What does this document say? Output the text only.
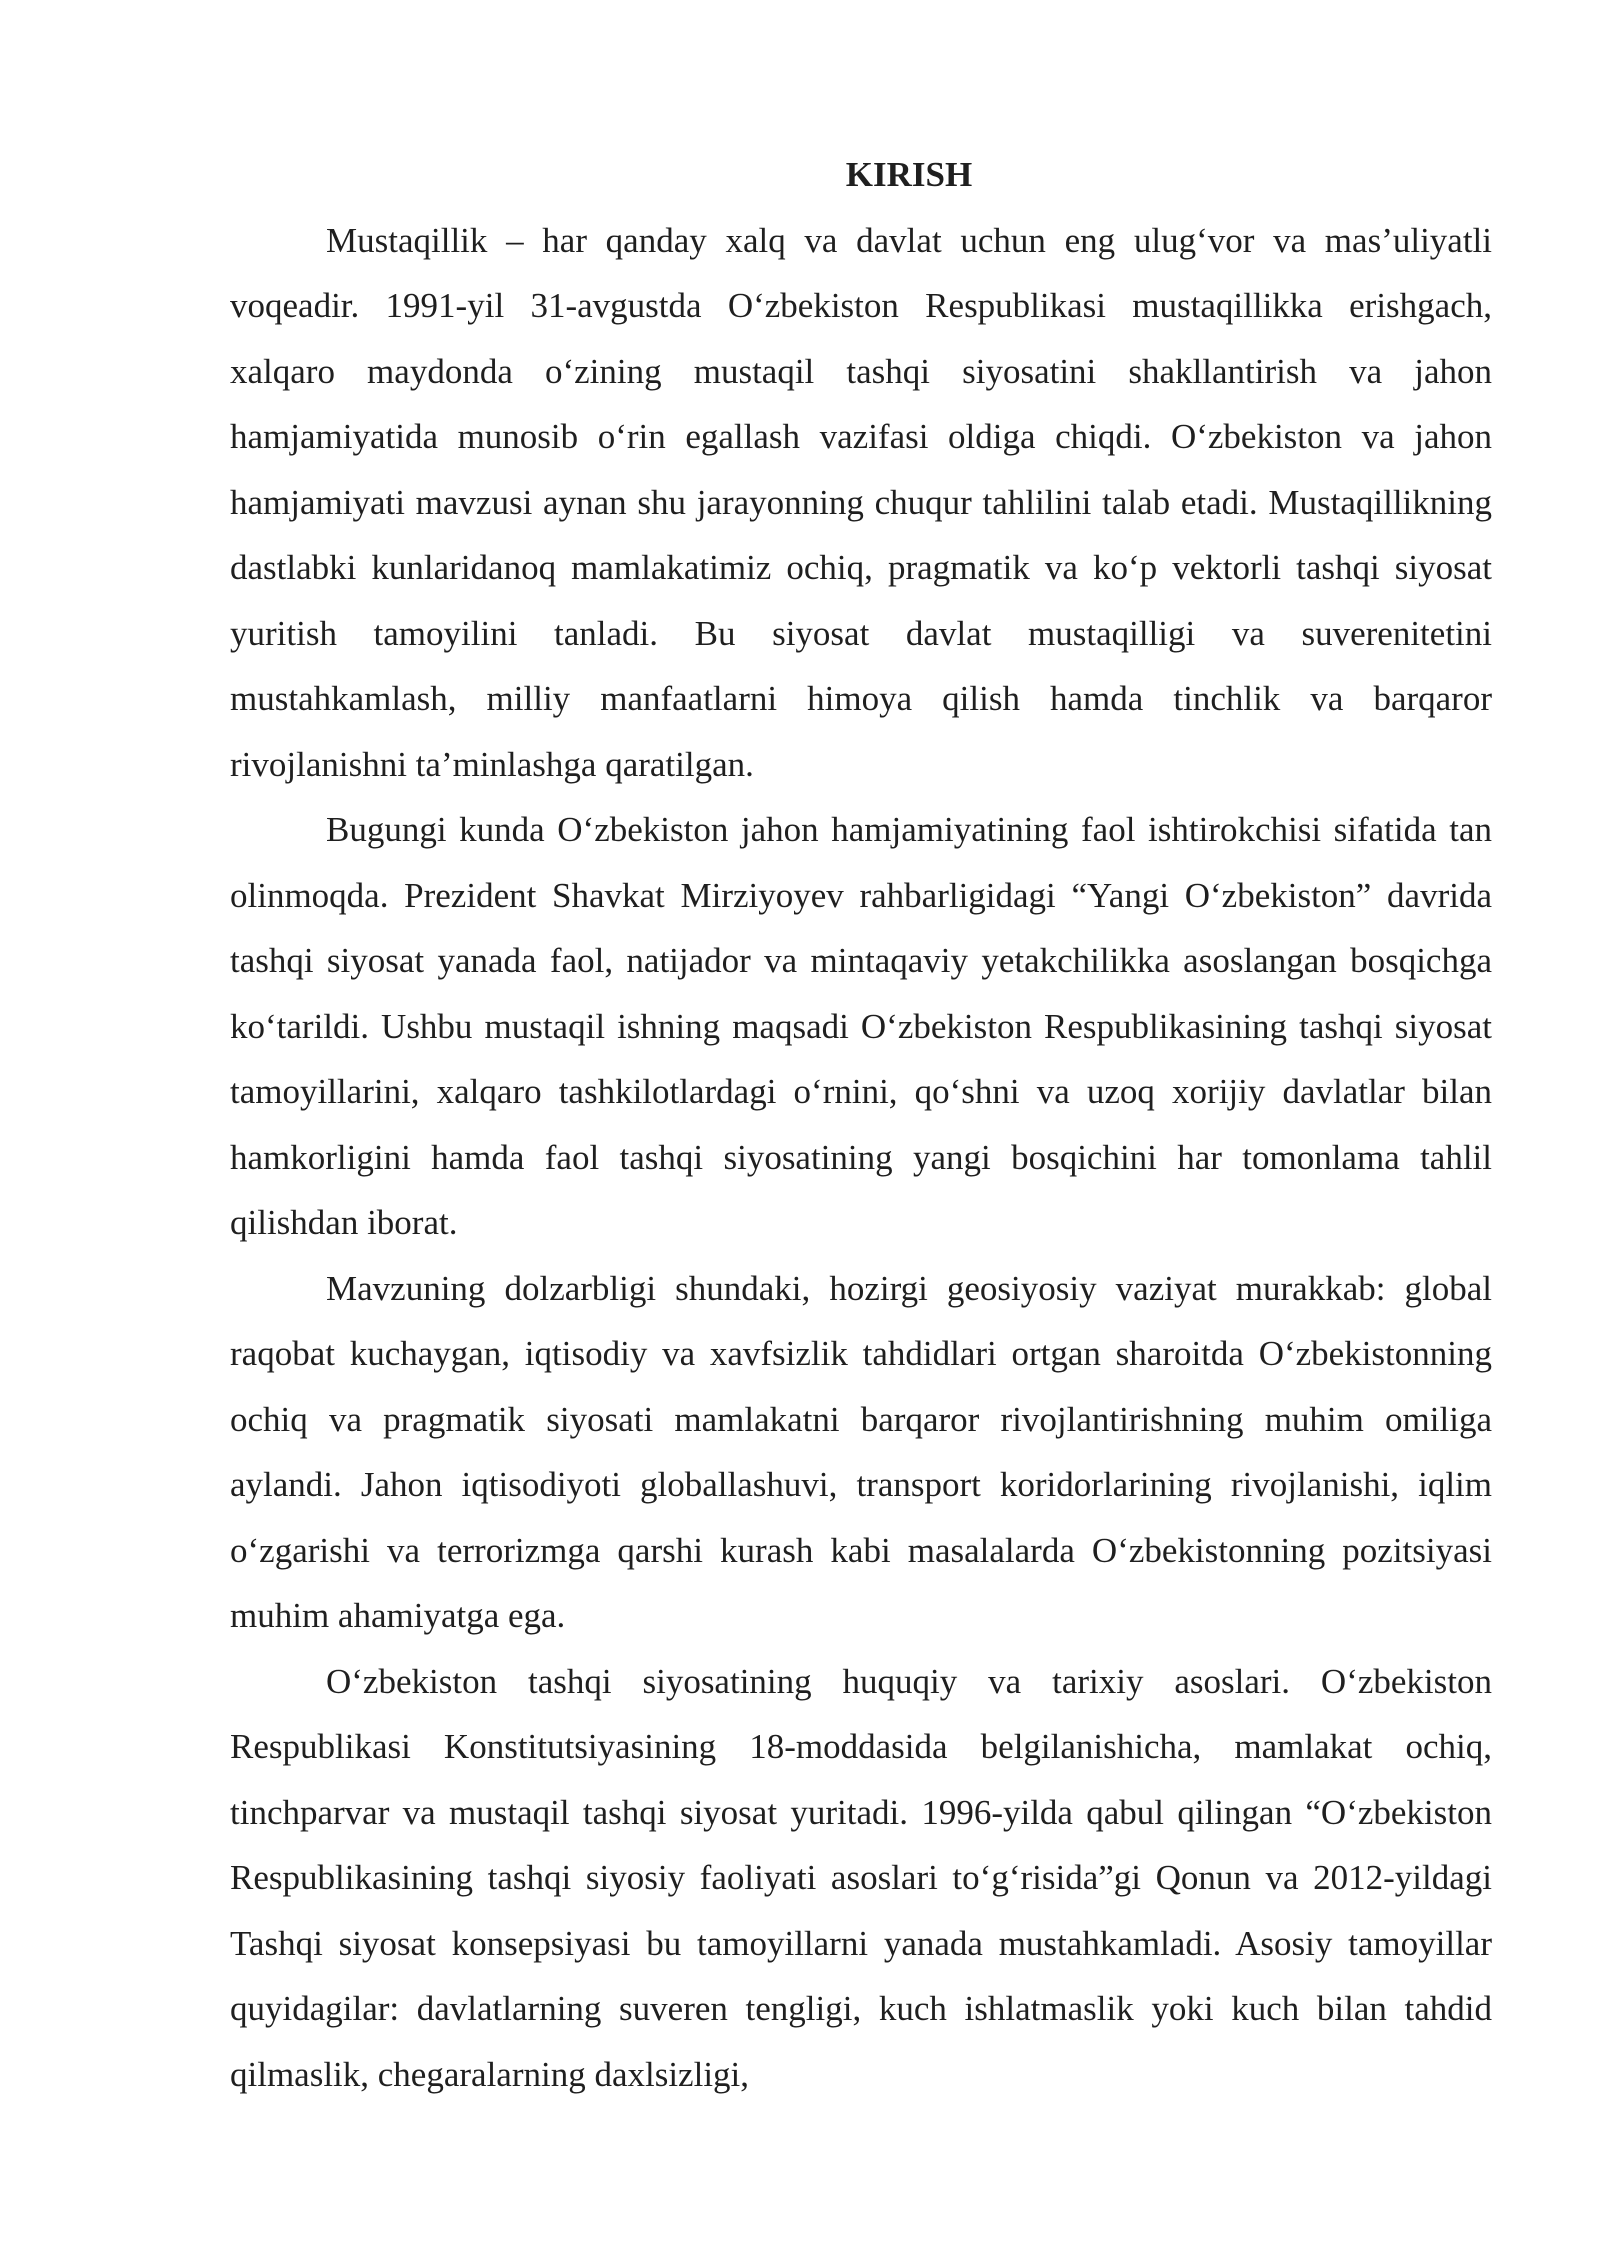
KIRISH

Mustaqillik – har qanday xalq va davlat uchun eng ulug‘vor va mas’uliyatli voqeadir. 1991-yil 31-avgustda O‘zbekiston Respublikasi mustaqillikka erishgach, xalqaro maydonda o‘zining mustaqil tashqi siyosatini shakllantirish va jahon hamjamiyatida munosib o‘rin egallash vazifasi oldiga chiqdi. O‘zbekiston va jahon hamjamiyati mavzusi aynan shu jarayonning chuqur tahlilini talab etadi. Mustaqillikning dastlabki kunlaridanoq mamlakatimiz ochiq, pragmatik va ko‘p vektorli tashqi siyosat yuritish tamoyilini tanladi. Bu siyosat davlat mustaqilligi va suverenitetini mustahkamlash, milliy manfaatlarni himoya qilish hamda tinchlik va barqaror rivojlanishni ta’minlashga qaratilgan.

Bugungi kunda O‘zbekiston jahon hamjamiyatining faol ishtirokchisi sifatida tan olinmoqda. Prezident Shavkat Mirziyoyev rahbarligidagi “Yangi O‘zbekiston” davrida tashqi siyosat yanada faol, natijador va mintaqaviy yetakchilikka asoslangan bosqichga ko‘tarildi. Ushbu mustaqil ishning maqsadi O‘zbekiston Respublikasining tashqi siyosat tamoyillarini, xalqaro tashkilotlardagi o‘rnini, qo‘shni va uzoq xorijiy davlatlar bilan hamkorligini hamda faol tashqi siyosatining yangi bosqichini har tomonlama tahlil qilishdan iborat.

Mavzuning dolzarbligi shundaki, hozirgi geosiyosiy vaziyat murakkab: global raqobat kuchaygan, iqtisodiy va xavfsizlik tahdidlari ortgan sharoitda O‘zbekistonning ochiq va pragmatik siyosati mamlakatni barqaror rivojlantirishning muhim omiliga aylandi. Jahon iqtisodiyoti globallashuvi, transport koridorlarining rivojlanishi, iqlim o‘zgarishi va terrorizmga qarshi kurash kabi masalalarda O‘zbekistonning pozitsiyasi muhim ahamiyatga ega.

O‘zbekiston tashqi siyosatining huquqiy va tarixiy asoslari. O‘zbekiston Respublikasi Konstitutsiyasining 18-moddasida belgilanishicha, mamlakat ochiq, tinchparvar va mustaqil tashqi siyosat yuritadi. 1996-yilda qabul qilingan “O‘zbekiston Respublikasining tashqi siyosiy faoliyati asoslari to‘g‘risida”gi Qonun va 2012-yildagi Tashqi siyosat konsepsiyasi bu tamoyillarni yanada mustahkamladi. Asosiy tamoyillar quyidagilar: davlatlarning suveren tengligi, kuch ishlatmaslik yoki kuch bilan tahdid qilmaslik, chegaralarning daxlsizligi,
